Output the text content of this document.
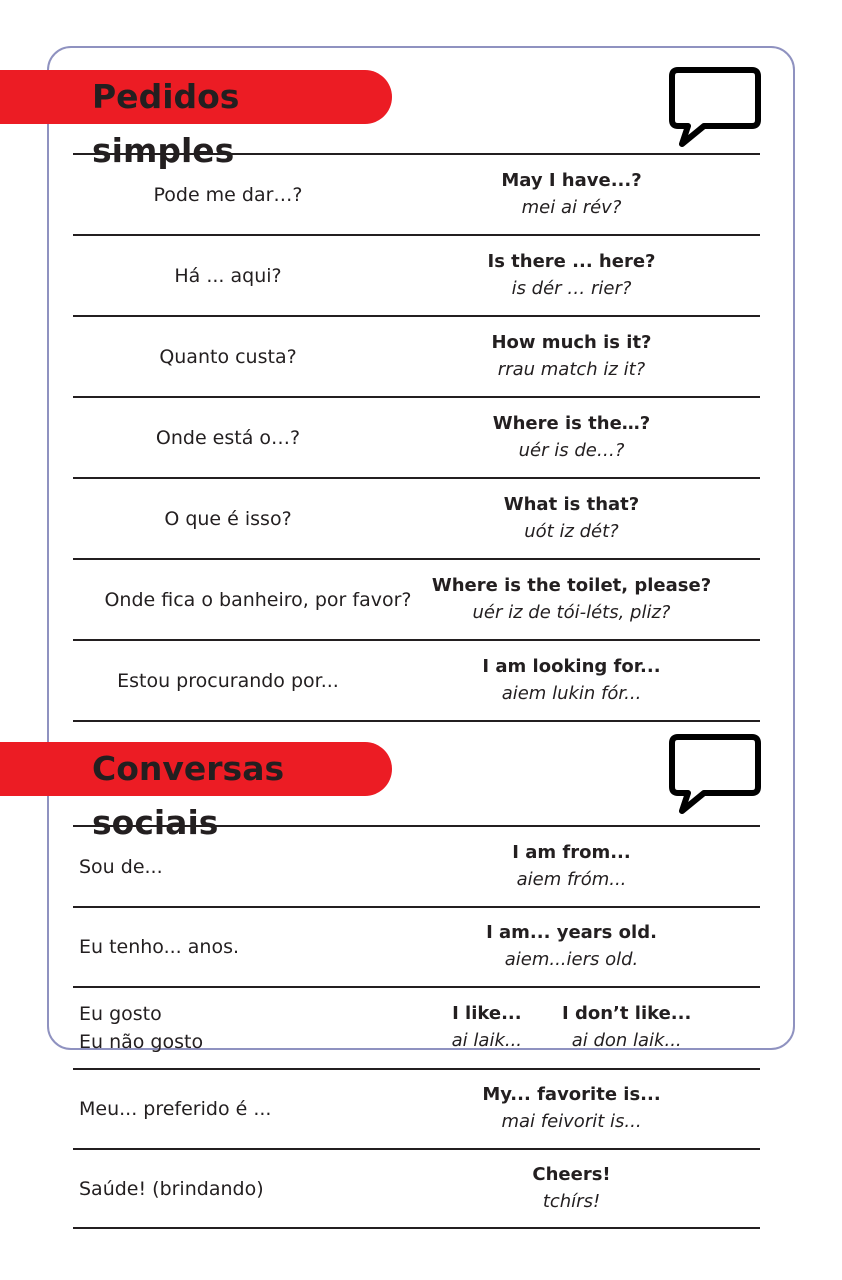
Pedidos simples
Pode me dar…?
May I have...?
mei ai rév?
Há ... aqui?
Is there ... here?
is dér … rier?
Quanto custa?
How much is it?
rrau match iz it?
Onde está o…?
Where is the…?
uér is de…?
O que é isso?
What is that?
uót iz dét?
Onde fica o banheiro, por favor?
Where is the toilet, please?
uér iz de tói-léts, pliz?
Estou procurando por...
I am looking for...
aiem lukin fór...
Conversas sociais
Sou de...
I am from...
aiem fróm...
Eu tenho... anos.
I am... years old.
aiem...iers old.
Eu gosto
Eu não gosto
I like...
ai laik...
I don’t like...
ai don laik...
Meu... preferido é ...
My... favorite is...
mai feivorit is...
Saúde! (brindando)
Cheers!
tchírs!
